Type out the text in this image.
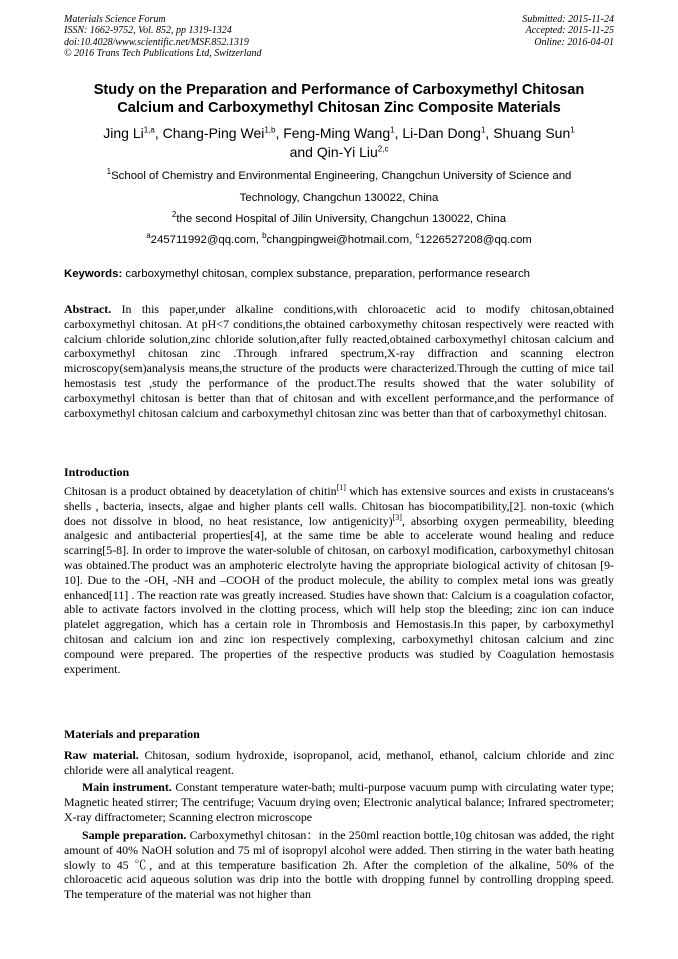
Materials Science Forum
ISSN: 1662-9752, Vol. 852, pp 1319-1324
doi:10.4028/www.scientific.net/MSF.852.1319
© 2016 Trans Tech Publications Ltd, Switzerland
Submitted: 2015-11-24
Accepted: 2015-11-25
Online: 2016-04-01
Study on the Preparation and Performance of Carboxymethyl Chitosan
Calcium and Carboxymethyl Chitosan Zinc Composite Materials
Jing Li$^{1,a}$, Chang-Ping Wei$^{1,b}$, Feng-Ming Wang$^1$, Li-Dan Dong$^1$, Shuang Sun$^1$
and Qin-Yi Liu$^{2,c}$
$^1$School of Chemistry and Environmental Engineering, Changchun University of Science and
Technology, Changchun 130022, China
$^2$the second Hospital of Jilin University, Changchun 130022, China
$^a$245711992@qq.com, $^b$changpingwei@hotmail.com, $^c$1226527208@qq.com
Keywords: carboxymethyl chitosan, complex substance, preparation, performance research
Abstract. In this paper,under alkaline conditions,with chloroacetic acid to modify chitosan,obtained carboxymethyl chitosan. At pH<7 conditions,the obtained carboxymethy chitosan respectively were reacted with calcium chloride solution,zinc chloride solution,after fully reacted,obtained carboxymethyl chitosan calcium and carboxymethyl chitosan zinc .Through infrared spectrum,X-ray diffraction and scanning electron microscopy(sem)analysis means,the structure of the products were characterized.Through the cutting of mice tail hemostasis test ,study the performance of the product.The results showed that the water solubility of carboxymethyl chitosan is better than that of chitosan and with excellent performance,and the performance of carboxymethyl chitosan calcium and carboxymethyl chitosan zinc was better than that of carboxymethyl chitosan.
Introduction
Chitosan is a product obtained by deacetylation of chitin[1] which has extensive sources and exists in crustaceans's shells , bacteria, insects, algae and higher plants cell walls. Chitosan has biocompatibility,[2]. non-toxic (which does not dissolve in blood, no heat resistance, low antigenicity)[3], absorbing oxygen permeability, bleeding analgesic and antibacterial properties[4], at the same time be able to accelerate wound healing and reduce scarring[5-8]. In order to improve the water-soluble of chitosan, on carboxyl modification, carboxymethyl chitosan was obtained.The product was an amphoteric electrolyte having the appropriate biological activity of chitosan [9-10]. Due to the -OH, -NH and –COOH of the product molecule, the ability to complex metal ions was greatly enhanced[11] . The reaction rate was greatly increased. Studies have shown that: Calcium is a coagulation cofactor, able to activate factors involved in the clotting process, which will help stop the bleeding; zinc ion can induce platelet aggregation, which has a certain role in Thrombosis and Hemostasis.In this paper, by carboxymethyl chitosan and calcium ion and zinc ion respectively complexing, carboxymethyl chitosan calcium and zinc compound were prepared. The properties of the respective products was studied by Coagulation hemostasis experiment.
Materials and preparation
Raw material. Chitosan, sodium hydroxide, isopropanol, acid, methanol, ethanol, calcium chloride and zinc chloride were all analytical reagent.
Main instrument. Constant temperature water-bath; multi-purpose vacuum pump with circulating water type; Magnetic heated stirrer; The centrifuge; Vacuum drying oven; Electronic analytical balance; Infrared spectrometer; X-ray diffractometer; Scanning electron microscope
Sample preparation. Carboxymethyl chitosan：in the 250ml reaction bottle,10g chitosan was added, the right amount of 40% NaOH solution and 75 ml of isopropyl alcohol were added. Then stirring in the water bath heating slowly to 45 ℃, and at this temperature basification 2h. After the completion of the alkaline, 50% of the chloroacetic acid aqueous solution was drip into the bottle with dropping funnel by controlling dropping speed. The temperature of the material was not higher than
